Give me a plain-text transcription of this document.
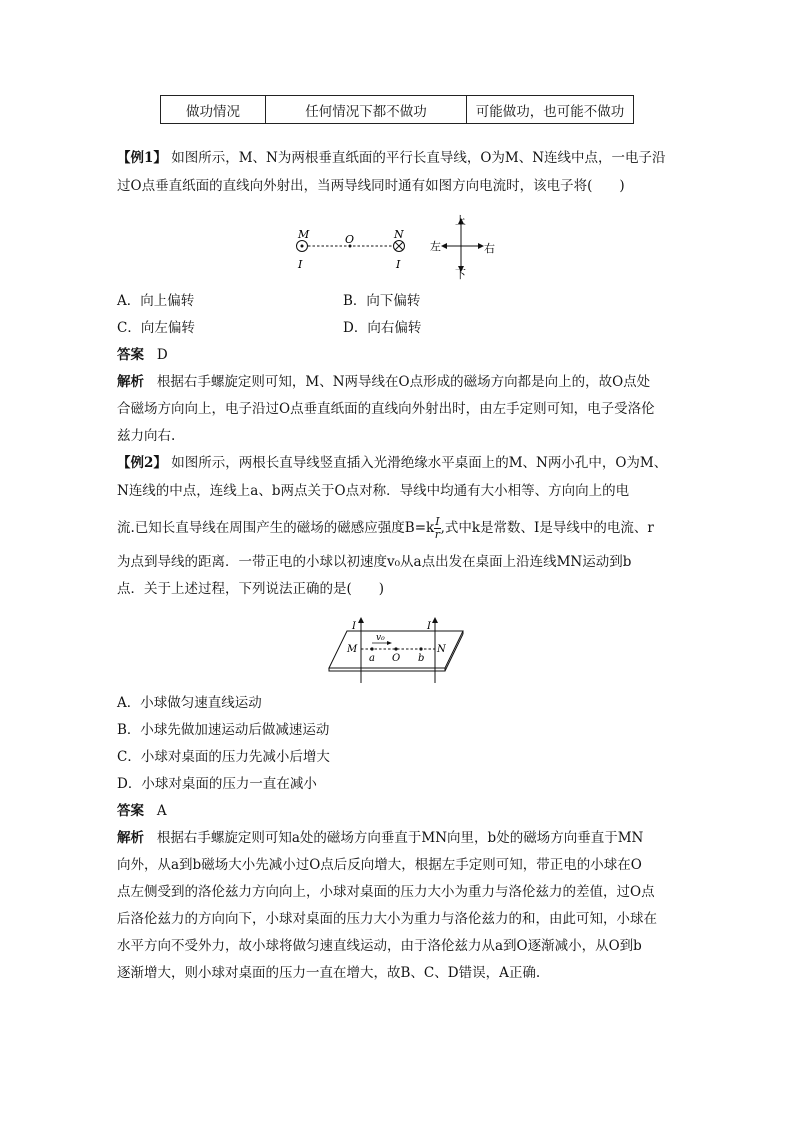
做功情况	任何情况下都不做功	可能做功，也可能不做功
【例1】 如图所示，M、N为两根垂直纸面的平行长直导线，O为M、N连线中点，一电子沿
过O点垂直纸面的直线向外射出，当两导线同时通有如图方向电流时，该电子将(　　)
M	O	N
I	I
上
下
左	右
A．向上偏转	B．向下偏转
C．向左偏转	D．向右偏转
答案 D
解析 根据右手螺旋定则可知，M、N两导线在O点形成的磁场方向都是向上的，故O点处
合磁场方向向上，电子沿过O点垂直纸面的直线向外射出时，由左手定则可知，电子受洛伦
兹力向右.
【例2】 如图所示，两根长直导线竖直插入光滑绝缘水平桌面上的M、N两小孔中，O为M、
N连线的中点，连线上a、b两点关于O点对称．导线中均通有大小相等、方向向上的电
流.已知长直导线在周围产生的磁场的磁感应强度$B=k \frac{I}{r}$ ,式中k是常数、I是导线中的电流、r
为点到导线的距离．一带正电的小球以初速度v₀从a点出发在桌面上沿连线MN运动到b
点．关于上述过程，下列说法正确的是(　　)
I	I
M	N
v₀
a O b
A．小球做匀速直线运动
B．小球先做加速运动后做减速运动
C．小球对桌面的压力先减小后增大
D．小球对桌面的压力一直在减小
答案 A
解析 根据右手螺旋定则可知a处的磁场方向垂直于MN向里，b处的磁场方向垂直于MN
向外，从a到b磁场大小先减小过O点后反向增大，根据左手定则可知，带正电的小球在O
点左侧受到的洛伦兹力方向向上，小球对桌面的压力大小为重力与洛伦兹力的差值，过O点
后洛伦兹力的方向向下，小球对桌面的压力大小为重力与洛伦兹力的和，由此可知，小球在
水平方向不受外力，故小球将做匀速直线运动，由于洛伦兹力从a到O逐渐减小，从O到b
逐渐增大，则小球对桌面的压力一直在增大，故B、C、D错误，A正确.
